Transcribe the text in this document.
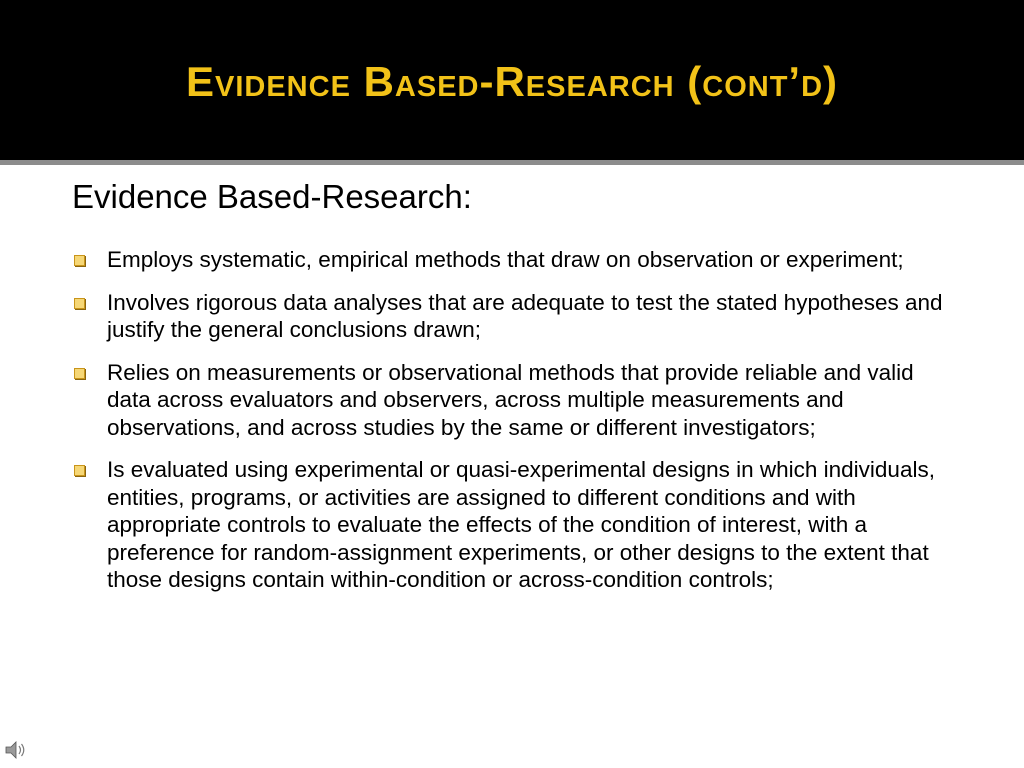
Evidence Based-Research (cont’d)
Evidence Based-Research:
Employs systematic, empirical methods that draw on observation or experiment;
Involves rigorous data analyses that are adequate to test the stated hypotheses and justify the general conclusions drawn;
Relies on measurements or observational methods that provide reliable and valid data across evaluators and observers, across multiple measurements and observations, and across studies by the same or different investigators;
Is evaluated using experimental or quasi-experimental designs in which individuals, entities, programs, or activities are assigned to different conditions and with appropriate controls to evaluate the effects of the condition of interest, with a preference for random-assignment experiments, or other designs to the extent that those designs contain within-condition or across-condition controls;
